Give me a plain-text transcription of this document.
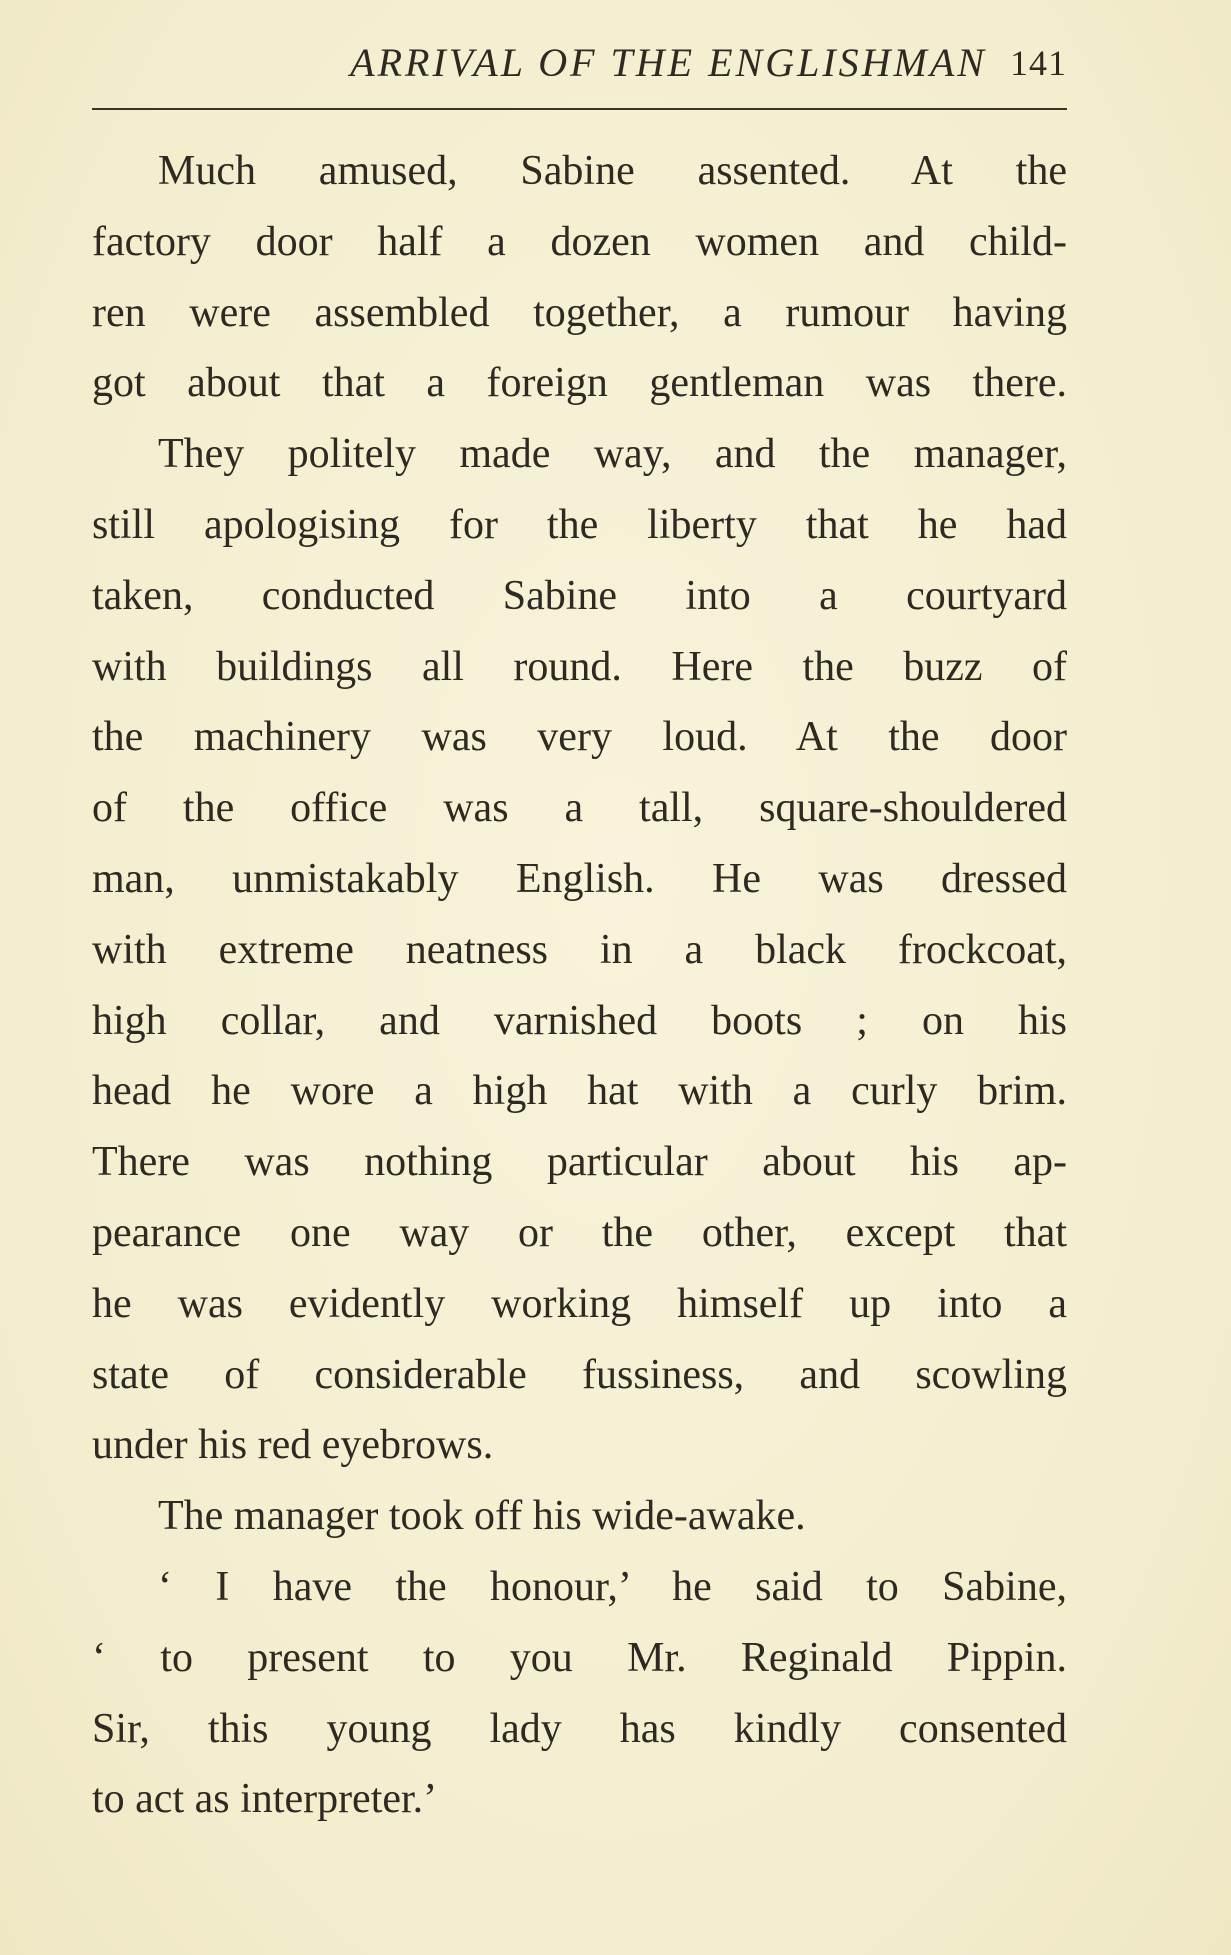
ARRIVAL OF THE ENGLISHMAN 141
Much amused, Sabine assented. At the
factory door half a dozen women and child-
ren were assembled together, a rumour having
got about that a foreign gentleman was there.
They politely made way, and the manager,
still apologising for the liberty that he had
taken, conducted Sabine into a courtyard
with buildings all round. Here the buzz of
the machinery was very loud. At the door
of the office was a tall, square-shouldered
man, unmistakably English. He was dressed
with extreme neatness in a black frockcoat,
high collar, and varnished boots ; on his
head he wore a high hat with a curly brim.
There was nothing particular about his ap-
pearance one way or the other, except that
he was evidently working himself up into a
state of considerable fussiness, and scowling
under his red eyebrows.
The manager took off his wide-awake.
‘ I have the honour,’ he said to Sabine,
‘ to present to you Mr. Reginald Pippin.
Sir, this young lady has kindly consented
to act as interpreter.’
